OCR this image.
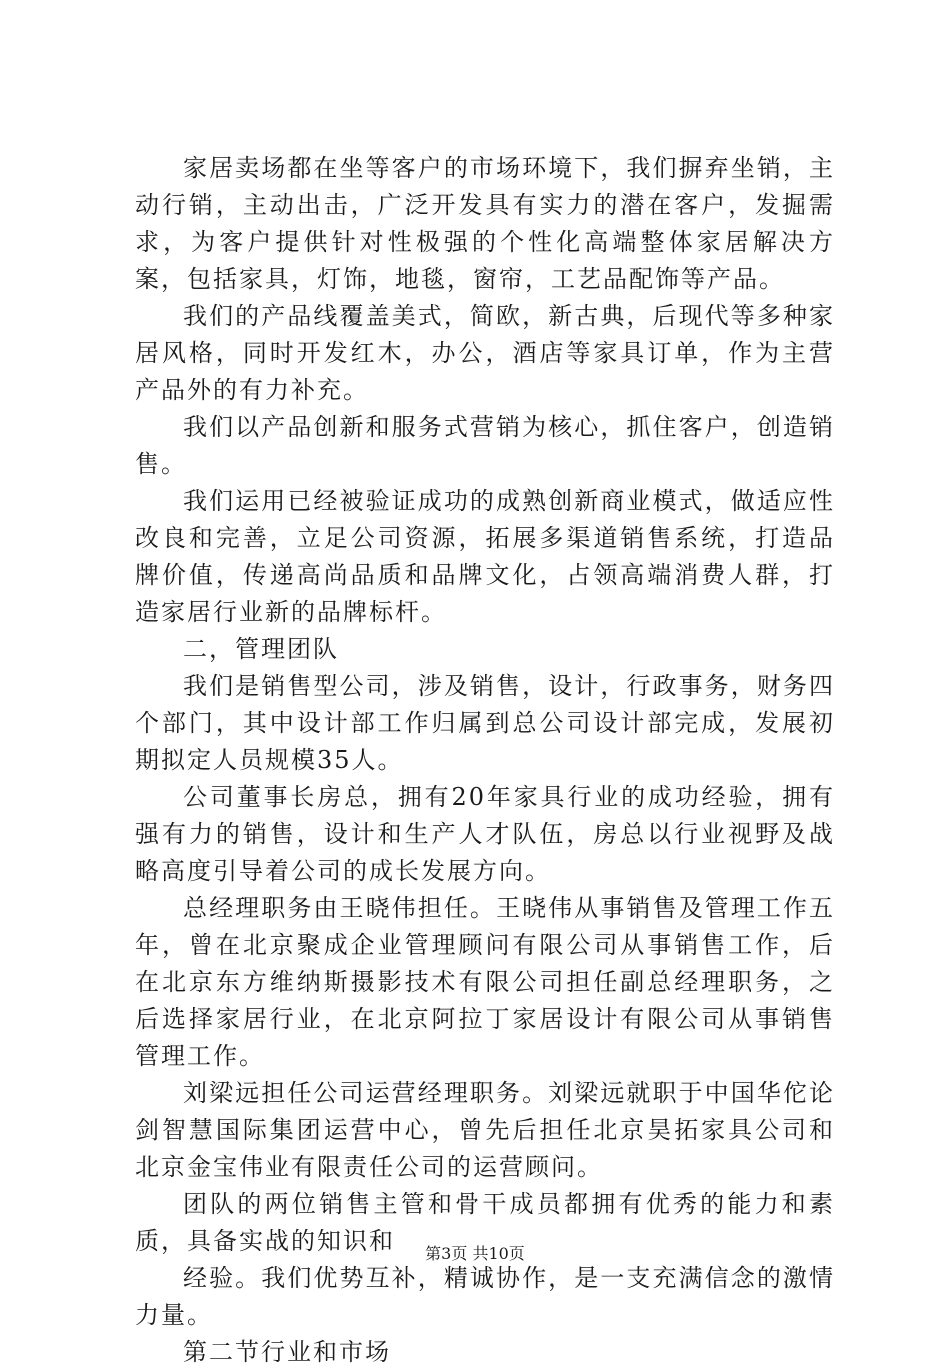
家居卖场都在坐等客户的市场环境下，我们摒弃坐销，主动行销，主动出击，广泛开发具有实力的潜在客户，发掘需求，为客户提供针对性极强的个性化高端整体家居解决方案，包括家具，灯饰，地毯，窗帘，工艺品配饰等产品。

我们的产品线覆盖美式，简欧，新古典，后现代等多种家居风格，同时开发红木，办公，酒店等家具订单，作为主营产品外的有力补充。

我们以产品创新和服务式营销为核心，抓住客户，创造销售。

我们运用已经被验证成功的成熟创新商业模式，做适应性改良和完善，立足公司资源，拓展多渠道销售系统，打造品牌价值，传递高尚品质和品牌文化，占领高端消费人群，打造家居行业新的品牌标杆。

二，管理团队

我们是销售型公司，涉及销售，设计，行政事务，财务四个部门，其中设计部工作归属到总公司设计部完成，发展初期拟定人员规模35人。

公司董事长房总，拥有20年家具行业的成功经验，拥有强有力的销售，设计和生产人才队伍，房总以行业视野及战略高度引导着公司的成长发展方向。

总经理职务由王晓伟担任。王晓伟从事销售及管理工作五年，曾在北京聚成企业管理顾问有限公司从事销售工作，后在北京东方维纳斯摄影技术有限公司担任副总经理职务，之后选择家居行业，在北京阿拉丁家居设计有限公司从事销售管理工作。

刘梁远担任公司运营经理职务。刘梁远就职于中国华佗论剑智慧国际集团运营中心，曾先后担任北京昊拓家具公司和北京金宝伟业有限责任公司的运营顾问。

团队的两位销售主管和骨干成员都拥有优秀的能力和素质，具备实战的知识和

经验。我们优势互补，精诚协作，是一支充满信念的激情力量。

第二节行业和市场

第3页 共10页
